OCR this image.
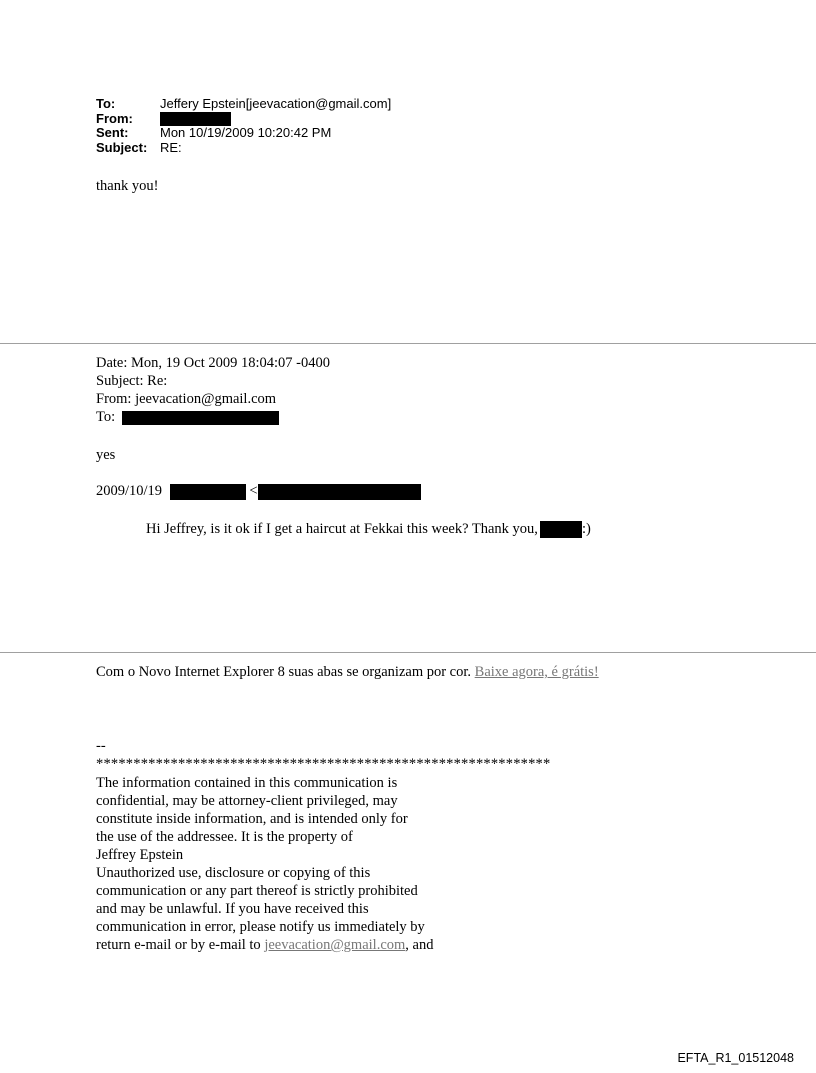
To:	Jeffery Epstein[jeevacation@gmail.com]
From:
Sent:	Mon 10/19/2009 10:20:42 PM
Subject: RE:
thank you!
Date: Mon, 19 Oct 2009 18:04:07 -0400
Subject: Re:
From: jeevacation@gmail.com
To:
yes
2009/10/19	<
Hi Jeffrey, is it ok if I get a haircut at Fekkai this week? Thank you,	:)
Com o Novo Internet Explorer 8 suas abas se organizam por cor. Baixe agora, é grátis!
--
*************************************************************
The information contained in this communication is
confidential, may be attorney-client privileged, may
constitute inside information, and is intended only for
the use of the addressee. It is the property of
Jeffrey Epstein
Unauthorized use, disclosure or copying of this
communication or any part thereof is strictly prohibited
and may be unlawful. If you have received this
communication in error, please notify us immediately by
return e-mail or by e-mail to jeevacation@gmail.com, and
EFTA_R1_01512048
